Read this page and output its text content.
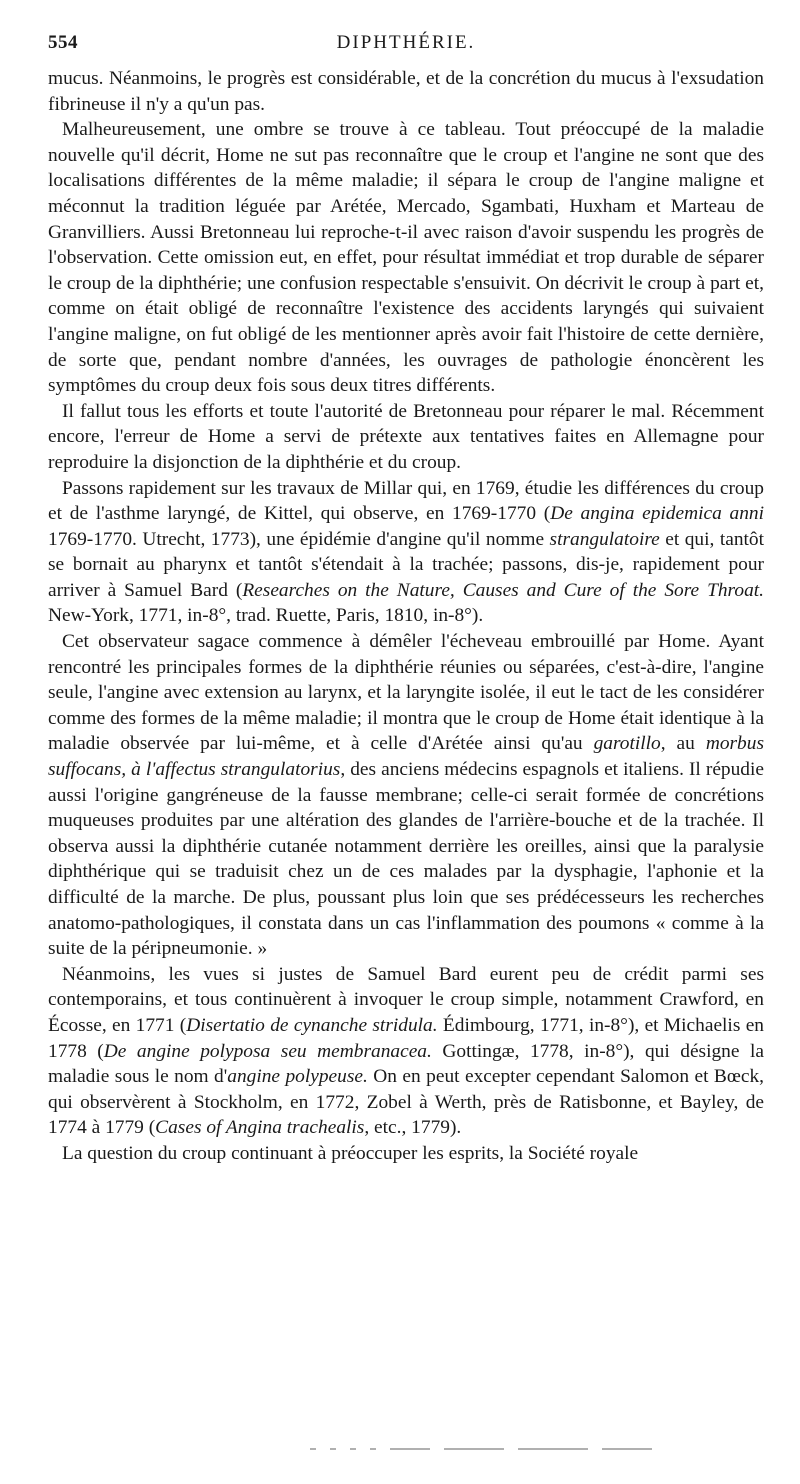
554	DIPHTHÉRIE.

mucus. Néanmoins, le progrès est considérable, et de la concrétion du mucus à l'exsudation fibrineuse il n'y a qu'un pas.

Malheureusement, une ombre se trouve à ce tableau. Tout préoccupé de la maladie nouvelle qu'il décrit, Home ne sut pas reconnaître que le croup et l'angine ne sont que des localisations différentes de la même maladie; il sépara le croup de l'angine maligne et méconnut la tradition léguée par Arétée, Mercado, Sgambati, Huxham et Marteau de Granvilliers. Aussi Bretonneau lui reproche-t-il avec raison d'avoir suspendu les progrès de l'observation. Cette omission eut, en effet, pour résultat immédiat et trop durable de séparer le croup de la diphthérie; une confusion respectable s'ensuivit. On décrivit le croup à part et, comme on était obligé de reconnaître l'existence des accidents laryngés qui suivaient l'angine maligne, on fut obligé de les mentionner après avoir fait l'histoire de cette dernière, de sorte que, pendant nombre d'années, les ouvrages de pathologie énoncèrent les symptômes du croup deux fois sous deux titres différents.

Il fallut tous les efforts et toute l'autorité de Bretonneau pour réparer le mal. Récemment encore, l'erreur de Home a servi de prétexte aux tentatives faites en Allemagne pour reproduire la disjonction de la diphthérie et du croup.

Passons rapidement sur les travaux de Millar qui, en 1769, étudie les différences du croup et de l'asthme laryngé, de Kittel, qui observe, en 1769-1770 (De angina epidemica anni 1769-1770. Utrecht, 1773), une épidémie d'angine qu'il nomme strangulatoire et qui, tantôt se bornait au pharynx et tantôt s'étendait à la trachée; passons, dis-je, rapidement pour arriver à Samuel Bard (Researches on the Nature, Causes and Cure of the Sore Throat. New-York, 1771, in-8°, trad. Ruette, Paris, 1810, in-8°).

Cet observateur sagace commence à démêler l'écheveau embrouillé par Home. Ayant rencontré les principales formes de la diphthérie réunies ou séparées, c'est-à-dire, l'angine seule, l'angine avec extension au larynx, et la laryngite isolée, il eut le tact de les considérer comme des formes de la même maladie; il montra que le croup de Home était identique à la maladie observée par lui-même, et à celle d'Arétée ainsi qu'au garotillo, au morbus suffocans, à l'affectus strangulatorius, des anciens médecins espagnols et italiens. Il répudie aussi l'origine gangréneuse de la fausse membrane; celle-ci serait formée de concrétions muqueuses produites par une altération des glandes de l'arrière-bouche et de la trachée. Il observa aussi la diphthérie cutanée notamment derrière les oreilles, ainsi que la paralysie diphthérique qui se traduisit chez un de ces malades par la dysphagie, l'aphonie et la difficulté de la marche. De plus, poussant plus loin que ses prédécesseurs les recherches anatomo-pathologiques, il constata dans un cas l'inflammation des poumons « comme à la suite de la péripneumonie. »

Néanmoins, les vues si justes de Samuel Bard eurent peu de crédit parmi ses contemporains, et tous continuèrent à invoquer le croup simple, notamment Crawford, en Écosse, en 1771 (Disertatio de cynanche stridula. Édimbourg, 1771, in-8°), et Michaelis en 1778 (De angine polyposa seu membranacea. Gottingæ, 1778, in-8°), qui désigne la maladie sous le nom d'angine polypeuse. On en peut excepter cependant Salomon et Bœck, qui observèrent à Stockholm, en 1772, Zobel à Werth, près de Ratisbonne, et Bayley, de 1774 à 1779 (Cases of Angina trachealis, etc., 1779).

La question du croup continuant à préoccuper les esprits, la Société royale
